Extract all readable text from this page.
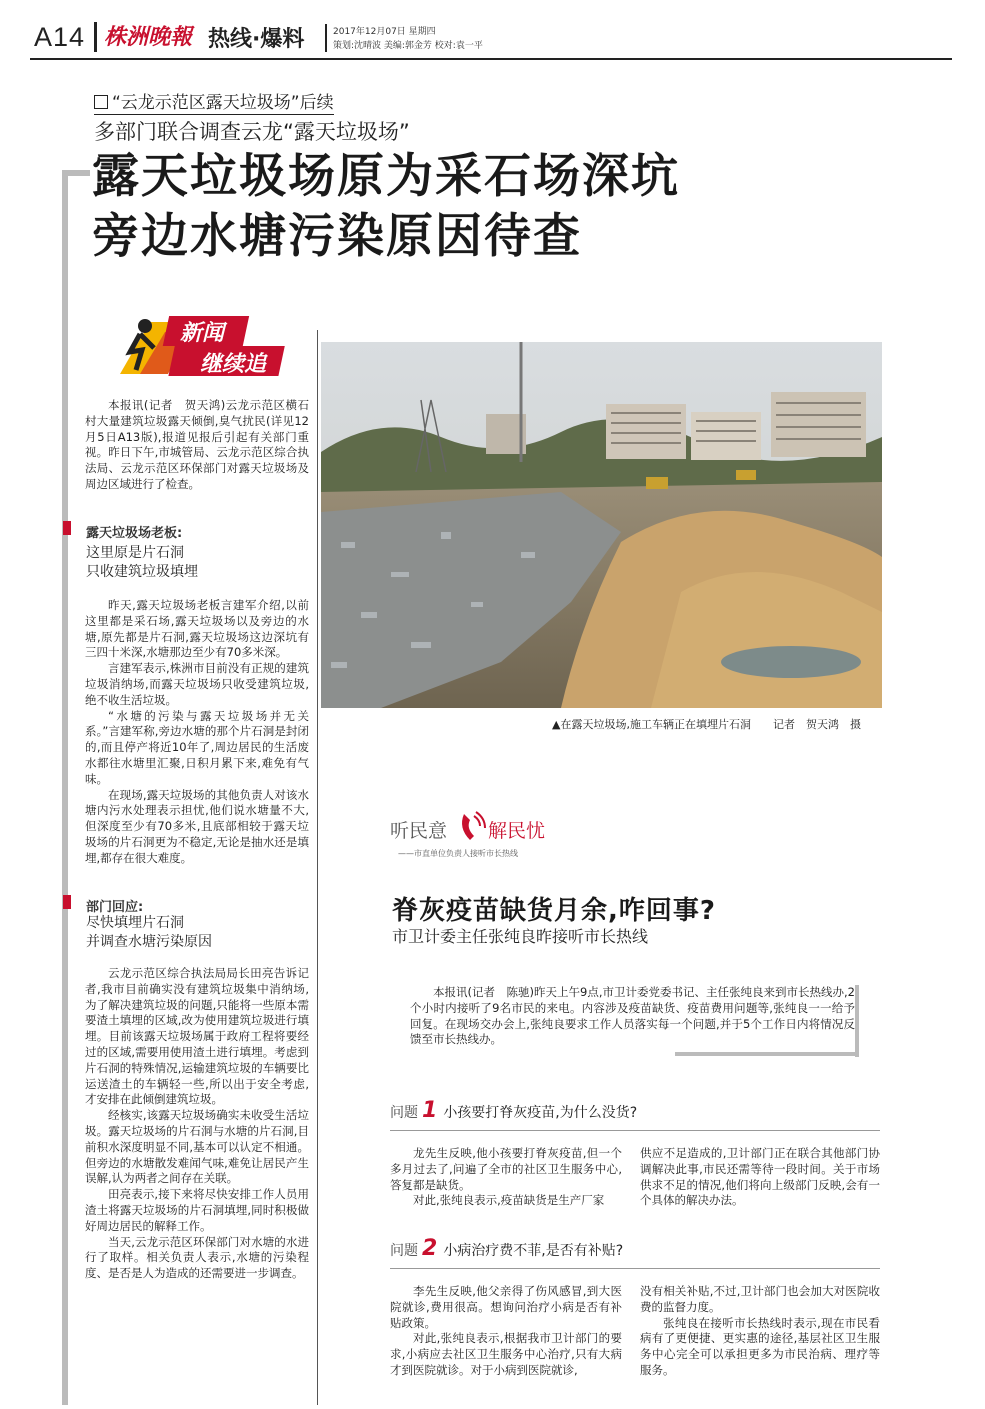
A14 株洲晚報 热线·爆料	2017年12月07日 星期四
策划:沈晴波 美编:郭金芳 校对:袁一平
“云龙示范区露天垃圾场”后续
多部门联合调查云龙“露天垃圾场”
露天垃圾场原为采石场深坑
旁边水塘污染原因待查
新闻
继续追
本报讯(记者　贺天鸿)云龙示范区横石村大量建筑垃圾露天倾倒,臭气扰民(详见12月5日A13版),报道见报后引起有关部门重视。昨日下午,市城管局、云龙示范区综合执法局、云龙示范区环保部门对露天垃圾场及周边区域进行了检查。
露天垃圾场老板:
这里原是片石洞
只收建筑垃圾填埋

昨天,露天垃圾场老板言建军介绍,以前这里都是采石场,露天垃圾场以及旁边的水塘,原先都是片石洞,露天垃圾场这边深坑有三四十米深,水塘那边至少有70多米深。

言建军表示,株洲市目前没有正规的建筑垃圾消纳场,而露天垃圾场只收受建筑垃圾,绝不收生活垃圾。

“水塘的污染与露天垃圾场并无关系。”言建军称,旁边水塘的那个片石洞是封闭的,而且停产将近10年了,周边居民的生活废水都往水塘里汇聚,日积月累下来,难免有气味。

在现场,露天垃圾场的其他负责人对该水塘内污水处理表示担忧,他们说水塘量不大,但深度至少有70多米,且底部相较于露天垃圾场的片石洞更为不稳定,无论是抽水还是填埋,都存在很大难度。

部门回应:
尽快填埋片石洞
并调查水塘污染原因

云龙示范区综合执法局局长田亮告诉记者,我市目前确实没有建筑垃圾集中消纳场,为了解决建筑垃圾的问题,只能将一些原本需要渣土填埋的区域,改为使用建筑垃圾进行填埋。目前该露天垃圾场属于政府工程将要经过的区域,需要用使用渣土进行填埋。考虑到片石洞的特殊情况,运输建筑垃圾的车辆要比运送渣土的车辆轻一些,所以出于安全考虑,才安排在此倾倒建筑垃圾。

经核实,该露天垃圾场确实未收受生活垃圾。露天垃圾场的片石洞与水塘的片石洞,目前积水深度明显不同,基本可以认定不相通。但旁边的水塘散发难闻气味,难免让居民产生误解,认为两者之间存在关联。

田亮表示,接下来将尽快安排工作人员用渣土将露天垃圾场的片石洞填埋,同时积极做好周边居民的解释工作。

当天,云龙示范区环保部门对水塘的水进行了取样。相关负责人表示,水塘的污染程度、是否是人为造成的还需要进一步调查。

▲在露天垃圾场,施工车辆正在填埋片石洞　　记者　贺天鸿　摄
听民意 解民忧
——市直单位负责人接听市长热线
脊灰疫苗缺货月余,咋回事?
市卫计委主任张纯良昨接听市长热线
本报讯(记者　陈驰)昨天上午9点,市卫计委党委书记、主任张纯良来到市长热线办,2个小时内接听了9名市民的来电。内容涉及疫苗缺货、疫苗费用问题等,张纯良一一给予回复。在现场交办会上,张纯良要求工作人员落实每一个问题,并于5个工作日内将情况反馈至市长热线办。
问题 1 小孩要打脊灰疫苗,为什么没货?

龙先生反映,他小孩要打脊灰疫苗,但一个多月过去了,问遍了全市的社区卫生服务中心,答复都是缺货。

对此,张纯良表示,疫苗缺货是生产厂家

供应不足造成的,卫计部门正在联合其他部门协调解决此事,市民还需等待一段时间。关于市场供求不足的情况,他们将向上级部门反映,会有一个具体的解决办法。

问题 2 小病治疗费不菲,是否有补贴?

李先生反映,他父亲得了伤风感冒,到大医院就诊,费用很高。想询问治疗小病是否有补贴政策。

对此,张纯良表示,根据我市卫计部门的要求,小病应去社区卫生服务中心治疗,只有大病才到医院就诊。对于小病到医院就诊,

没有相关补贴,不过,卫计部门也会加大对医院收费的监督力度。

张纯良在接听市长热线时表示,现在市民看病有了更便捷、更实惠的途径,基层社区卫生服务中心完全可以承担更多为市民治病、理疗等服务。
